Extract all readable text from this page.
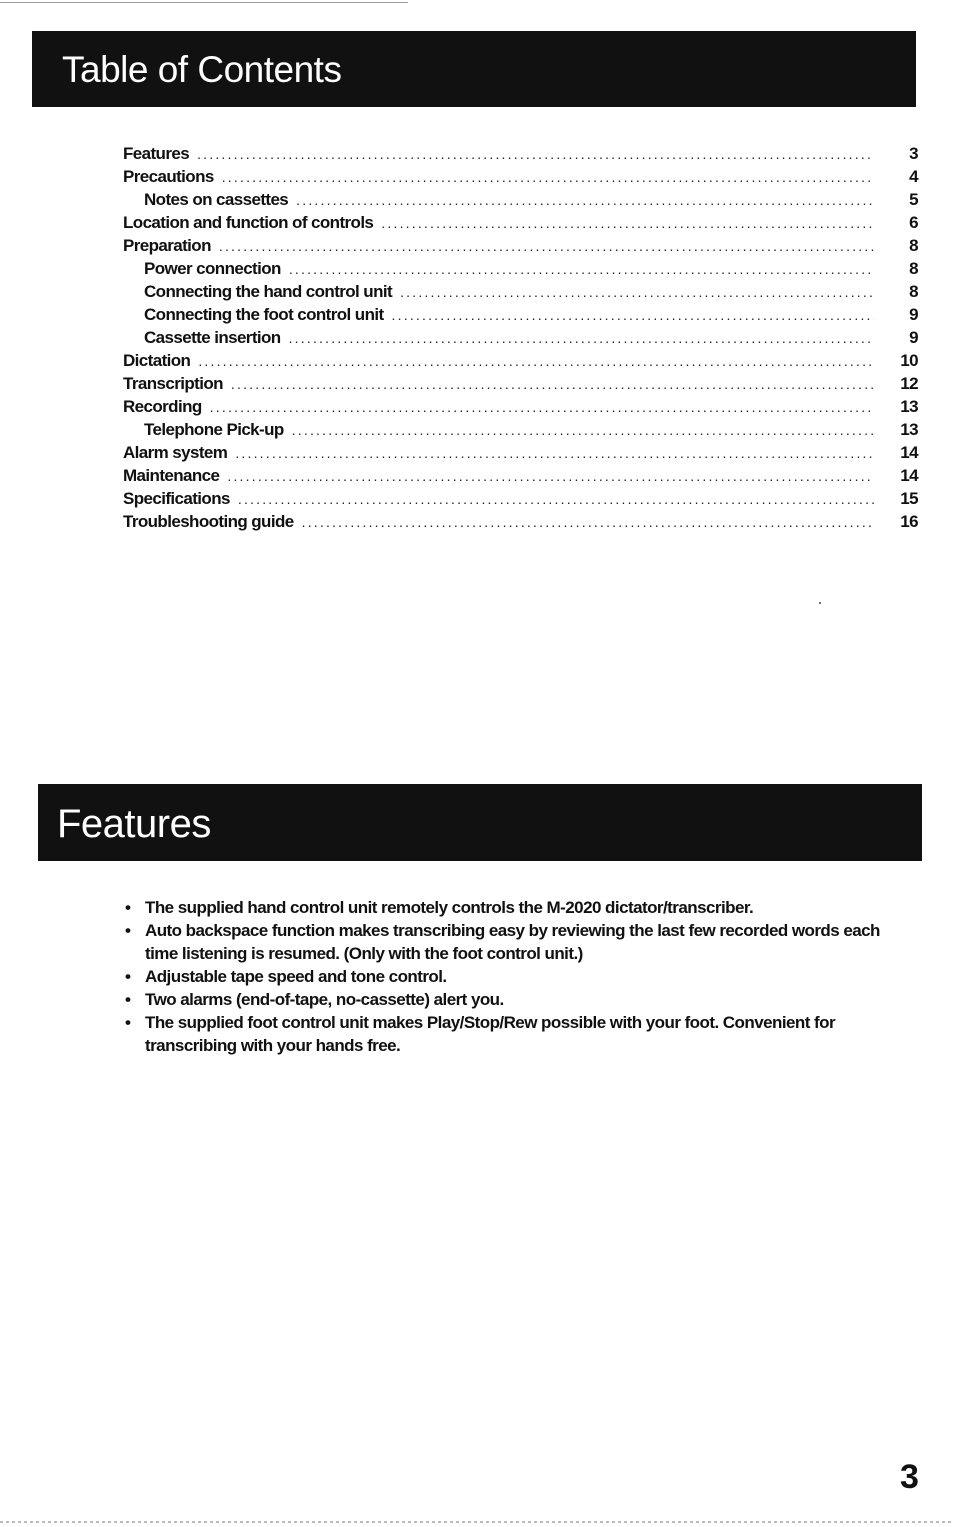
Table of Contents
Features .....	3
Precautions .....	4
Notes on cassettes .....	5
Location and function of controls .....	6
Preparation .....	8
Power connection .....	8
Connecting the hand control unit .....	8
Connecting the foot control unit .....	9
Cassette insertion .....	9
Dictation .....	10
Transcription .....	12
Recording .....	13
Telephone Pick-up .....	13
Alarm system .....	14
Maintenance .....	14
Specifications .....	15
Troubleshooting guide .....	16
Features
• The supplied hand control unit remotely controls the M-2020 dictator/transcriber.
• Auto backspace function makes transcribing easy by reviewing the last few recorded words each time listening is resumed. (Only with the foot control unit.)
• Adjustable tape speed and tone control.
• Two alarms (end-of-tape, no-cassette) alert you.
• The supplied foot control unit makes Play/Stop/Rew possible with your foot. Convenient for transcribing with your hands free.
3
